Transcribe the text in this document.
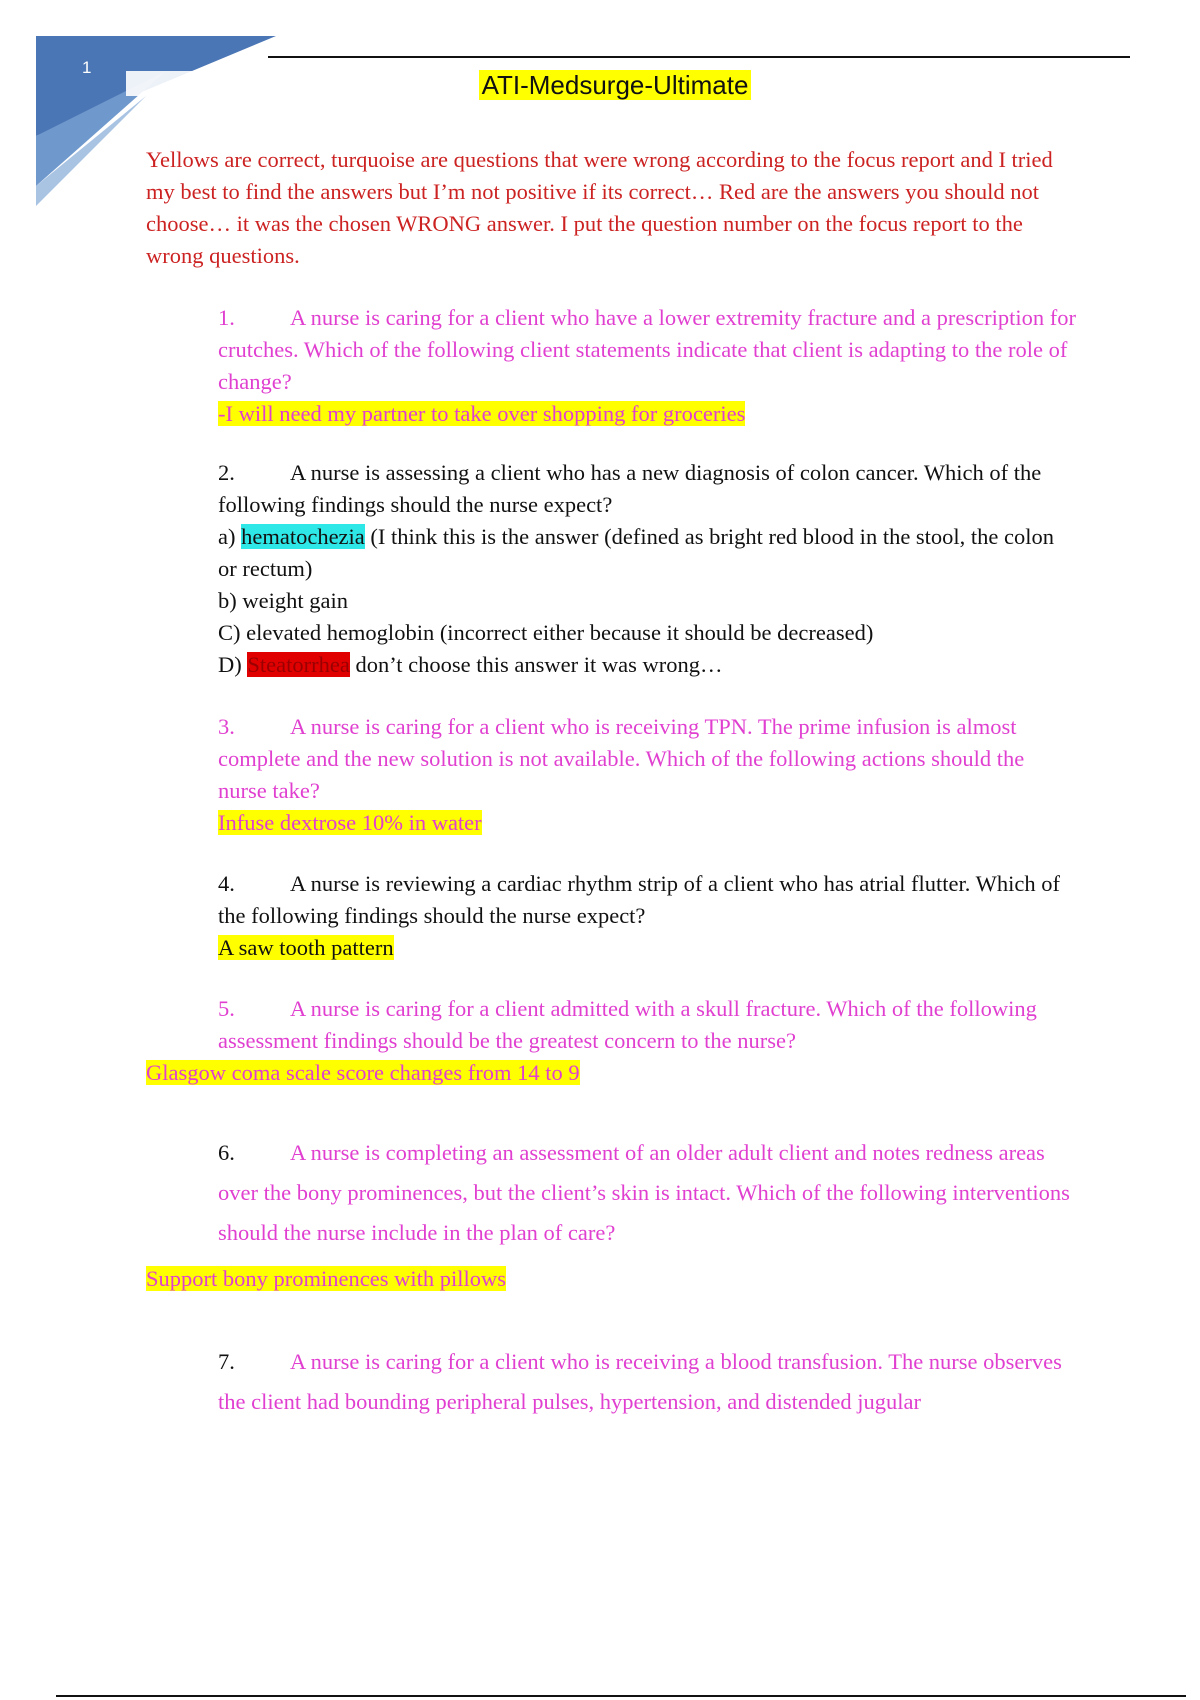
1
ATI-Medsurge-Ultimate
Yellows are correct, turquoise are questions that were wrong according to the focus report and I tried my best to find the answers but I’m not positive if its correct… Red are the answers you should not choose… it was the chosen WRONG answer. I put the question number on the focus report to the wrong questions.
1. A nurse is caring for a client who have a lower extremity fracture and a prescription for crutches. Which of the following client statements indicate that client is adapting to the role of change?
-I will need my partner to take over shopping for groceries
2. A nurse is assessing a client who has a new diagnosis of colon cancer. Which of the following findings should the nurse expect?
a) hematochezia (I think this is the answer (defined as bright red blood in the stool, the colon or rectum)
b) weight gain
C) elevated hemoglobin (incorrect either because it should be decreased)
D) Steatorrhea don’t choose this answer it was wrong…
3. A nurse is caring for a client who is receiving TPN. The prime infusion is almost complete and the new solution is not available. Which of the following actions should the nurse take?
Infuse dextrose 10% in water
4. A nurse is reviewing a cardiac rhythm strip of a client who has atrial flutter. Which of the following findings should the nurse expect?
A saw tooth pattern
5. A nurse is caring for a client admitted with a skull fracture. Which of the following assessment findings should be the greatest concern to the nurse?
Glasgow coma scale score changes from 14 to 9
6. A nurse is completing an assessment of an older adult client and notes redness areas over the bony prominences, but the client’s skin is intact. Which of the following interventions should the nurse include in the plan of care?
Support bony prominences with pillows
7. A nurse is caring for a client who is receiving a blood transfusion. The nurse observes the client had bounding peripheral pulses, hypertension, and distended jugular
